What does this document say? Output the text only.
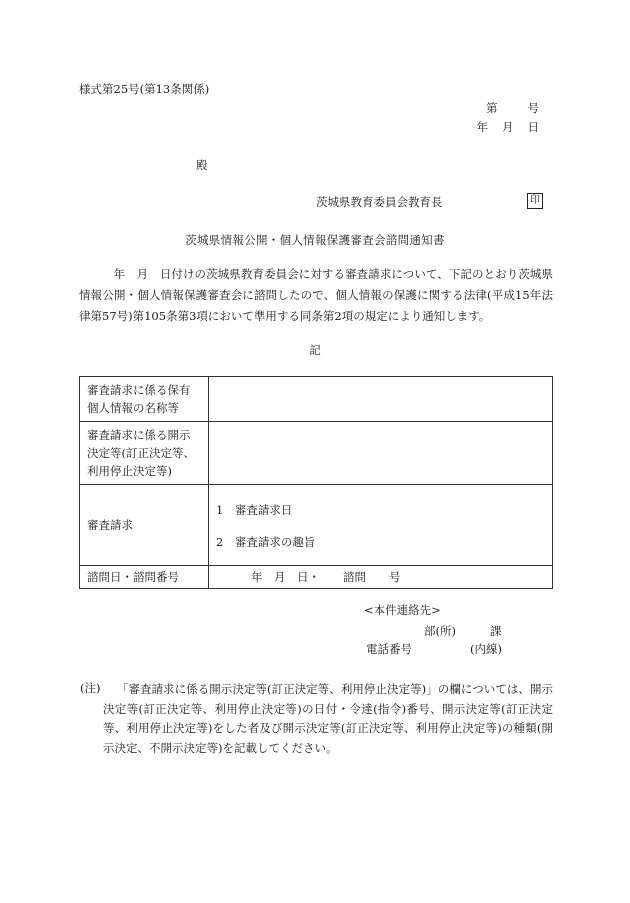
様式第25号(第13条関係)
第	号
年 月 日
殿
茨城県教育委員会教育長	印
茨城県情報公開・個人情報保護審査会諮問通知書
年　月　日付けの茨城県教育委員会に対する審査請求について、下記のとおり茨城県情報公開・個人情報保護審査会に諮問したので、個人情報の保護に関する法律(平成15年法律第57号)第105条第3項において準用する同条第2項の規定により通知します。
記
審査請求に係る保有個人情報の名称等	
審査請求に係る開示決定等(訂正決定等、利用停止決定等)	
審査請求	1　審査請求日
2　審査請求の趣旨

諮問日・諮問番号	年　月　日・　　諮問　　号
<本件連絡先>
部(所)	課
電話番号	(内線)
(注)	「審査請求に係る開示決定等(訂正決定等、利用停止決定等)」の欄については、開示決定等(訂正決定等、利用停止決定等)の日付・令達(指令)番号、開示決定等(訂正決定等、利用停止決定等)をした者及び開示決定等(訂正決定等、利用停止決定等)の種類(開示決定、不開示決定等)を記載してください。
